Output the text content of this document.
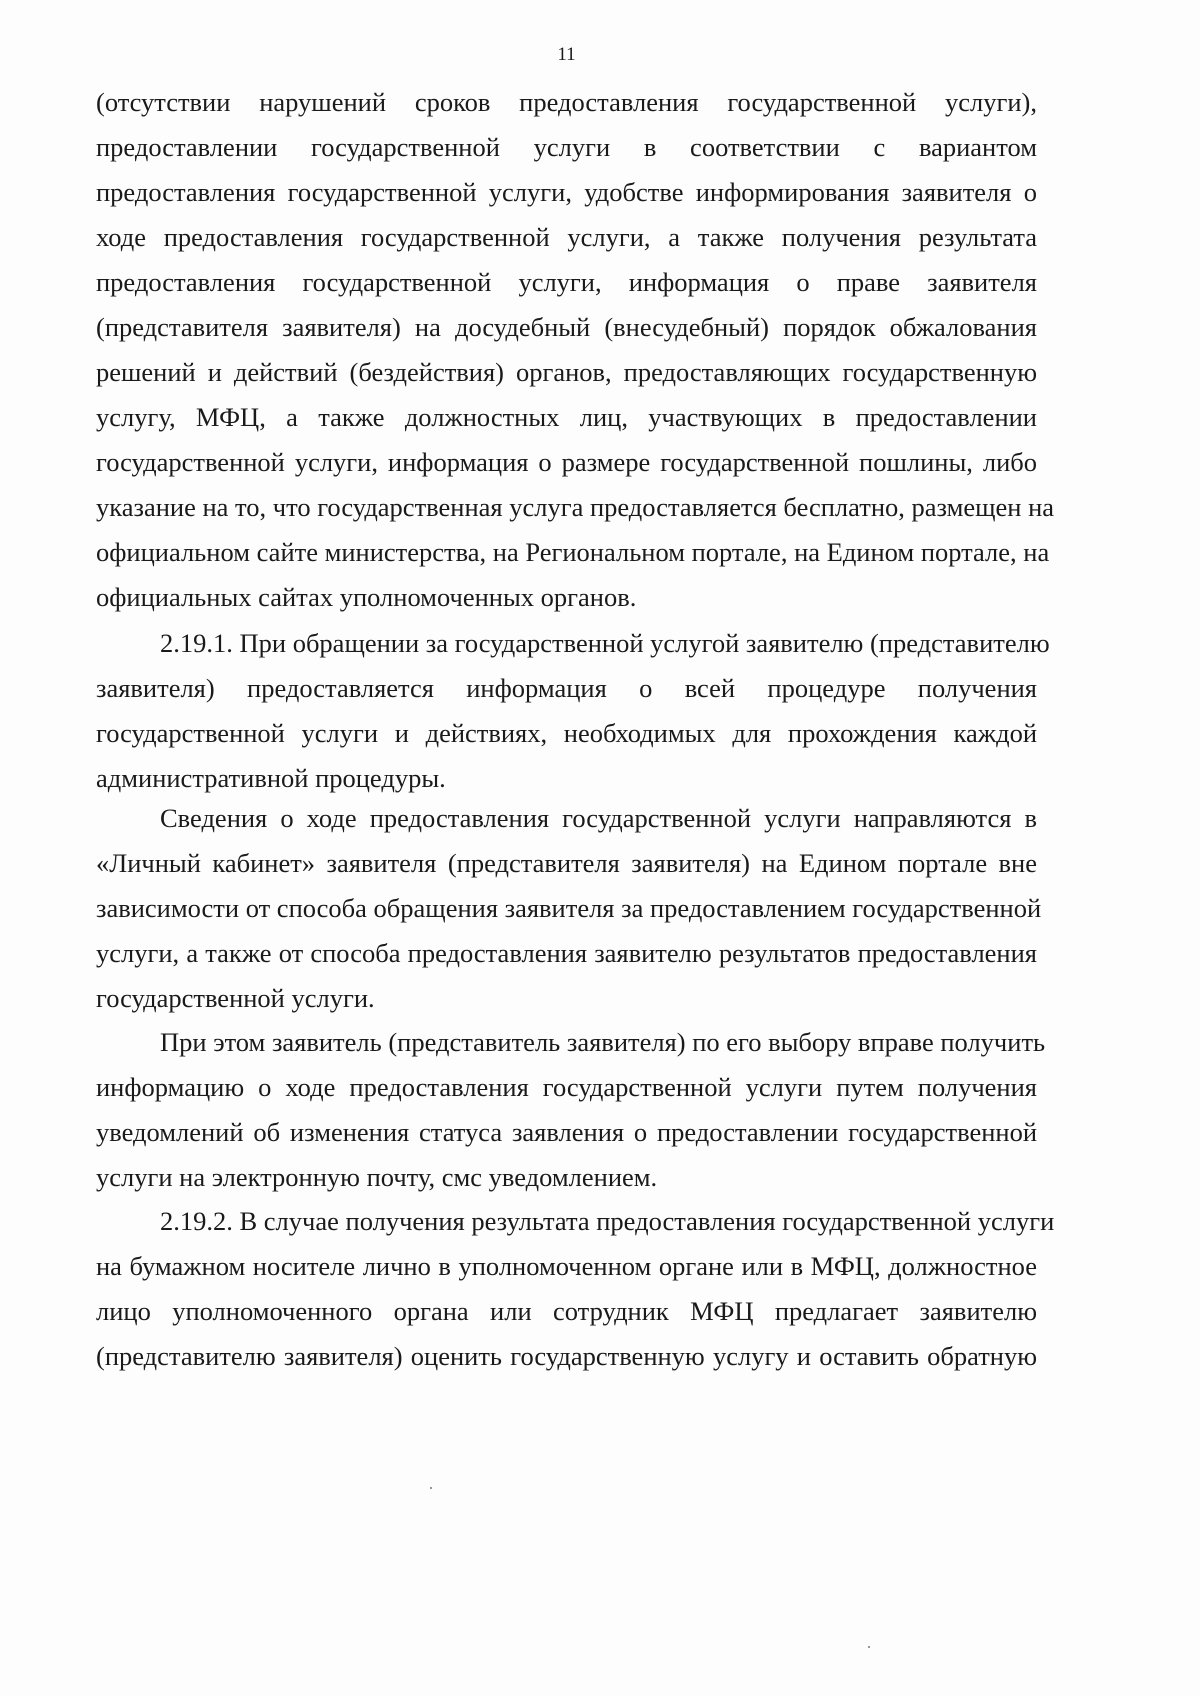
11
(отсутствии нарушений сроков предоставления государственной услуги),
предоставлении государственной услуги в соответствии с вариантом
предоставления государственной услуги, удобстве информирования заявителя о
ходе предоставления государственной услуги, а также получения результата
предоставления государственной услуги, информация о праве заявителя
(представителя заявителя) на досудебный (внесудебный) порядок обжалования
решений и действий (бездействия) органов, предоставляющих государственную
услугу, МФЦ, а также должностных лиц, участвующих в предоставлении
государственной услуги, информация о размере государственной пошлины, либо
указание на то, что государственная услуга предоставляется бесплатно, размещен на
официальном сайте министерства, на Региональном портале, на Едином портале, на
официальных сайтах уполномоченных органов.
2.19.1. При обращении за государственной услугой заявителю (представителю
заявителя) предоставляется информация о всей процедуре получения
государственной услуги и действиях, необходимых для прохождения каждой
административной процедуры.
Сведения о ходе предоставления государственной услуги направляются в
«Личный кабинет» заявителя (представителя заявителя) на Едином портале вне
зависимости от способа обращения заявителя за предоставлением государственной
услуги, а также от способа предоставления заявителю результатов предоставления
государственной услуги.
При этом заявитель (представитель заявителя) по его выбору вправе получить
информацию о ходе предоставления государственной услуги путем получения
уведомлений об изменения статуса заявления о предоставлении государственной
услуги на электронную почту, смс уведомлением.
2.19.2. В случае получения результата предоставления государственной услуги
на бумажном носителе лично в уполномоченном органе или в МФЦ, должностное
лицо уполномоченного органа или сотрудник МФЦ предлагает заявителю
(представителю заявителя) оценить государственную услугу и оставить обратную
